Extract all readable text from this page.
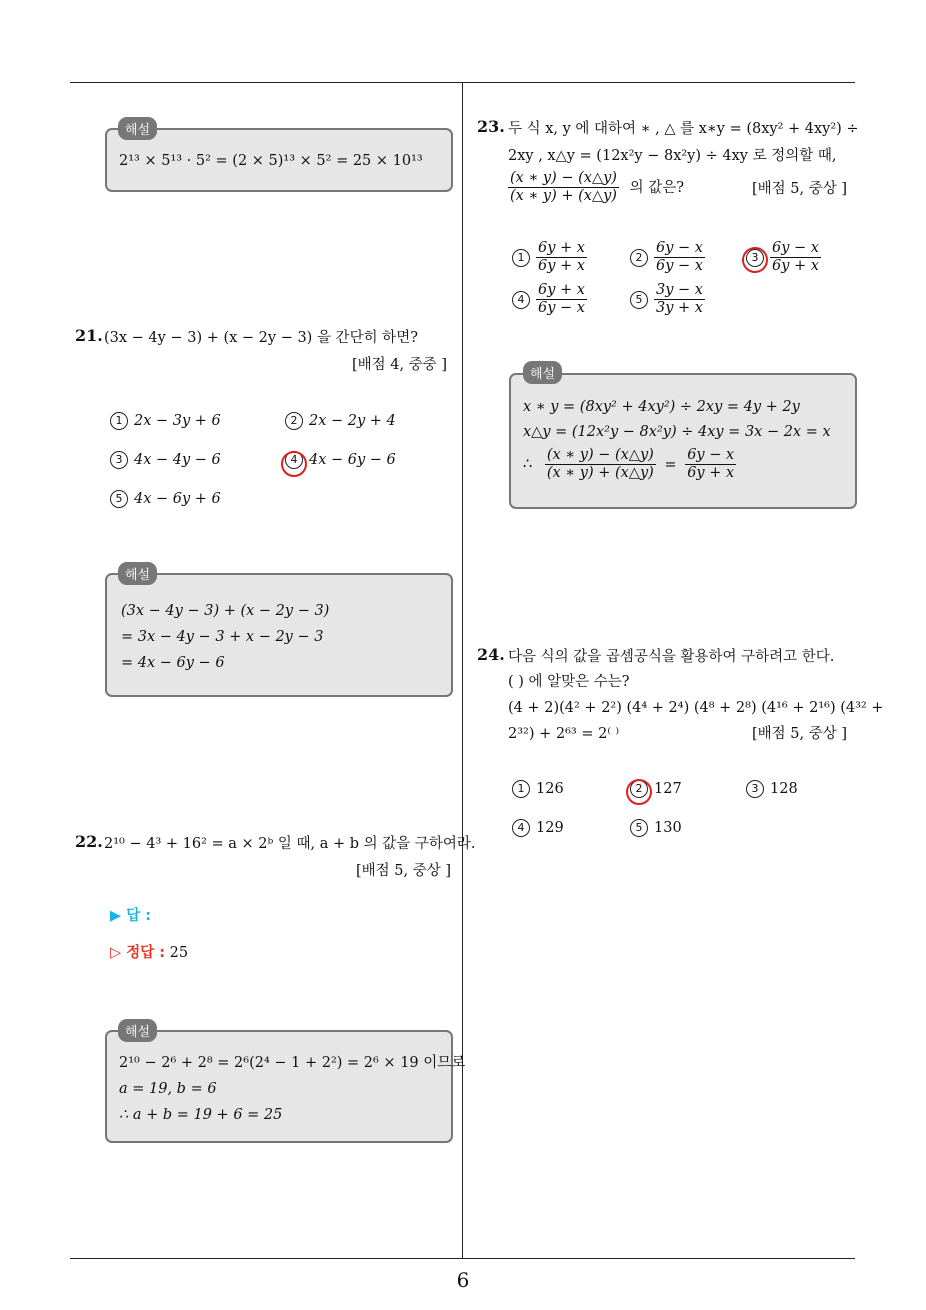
2¹³ × 5¹³ · 5² = (2 × 5)¹³ × 5² = 25 × 10¹³
해설
21. (3x − 4y − 3) + (x − 2y − 3) 을 간단히 하면?
[배점 4, 중중 ]
1 2x − 3y + 6	2 2x − 2y + 4
3 4x − 4y − 6	4 4x − 6y − 6
5 4x − 6y + 6
(3x − 4y − 3) + (x − 2y − 3)
= 3x − 4y − 3 + x − 2y − 3
= 4x − 6y − 6
해설
22. 2¹⁰ − 4³ + 16² = a × 2ᵇ 일 때, a + b 의 값을 구하여라.
[배점 5, 중상 ]
▶ 답 :
▷ 정답 : 25
2¹⁰ − 2⁶ + 2⁸ = 2⁶(2⁴ − 1 + 2²) = 2⁶ × 19 이므로
a = 19, b = 6
∴ a + b = 19 + 6 = 25
해설
23. 두 식 x, y 에 대하여 ∗ , △ 를 x∗y = (8xy² + 4xy²) ÷
2xy , x△y = (12x²y − 8x²y) ÷ 4xy 로 정의할 때,
$\frac{(x ∗ y) - (x\triangle y)}{(x ∗ y) + (x\triangle y)}$ 의 값은?	[배점 5, 중상 ]
$1 \frac{6y + x}{6y + x}$	$2 \frac{6y - x}{6y - x}$	$3 \frac{6y - x}{6y + x}$
$4 \frac{6y + x}{6y - x}$	$5 \frac{3y - x}{3y + x}$
x ∗ y = (8xy² + 4xy²) ÷ 2xy = 4y + 2y
x△y = (12x²y − 8x²y) ÷ 4xy = 3x − 2x = x
∴ $\frac{(x ∗ y) - (x\triangle y)}{(x ∗ y) + (x\triangle y)} = \frac{6y - x}{6y + x}$
해설
24. 다음 식의 값을 곱셈공식을 활용하여 구하려고 한다.
( ) 에 알맞은 수는?
(4 + 2)(4² + 2²) (4⁴ + 2⁴) (4⁸ + 2⁸) (4¹⁶ + 2¹⁶) (4³² +
2³²) + 2⁶³ = 2⁽ ⁾	[배점 5, 중상 ]
1 126	2 127	3 128
4 129	5 130
6
